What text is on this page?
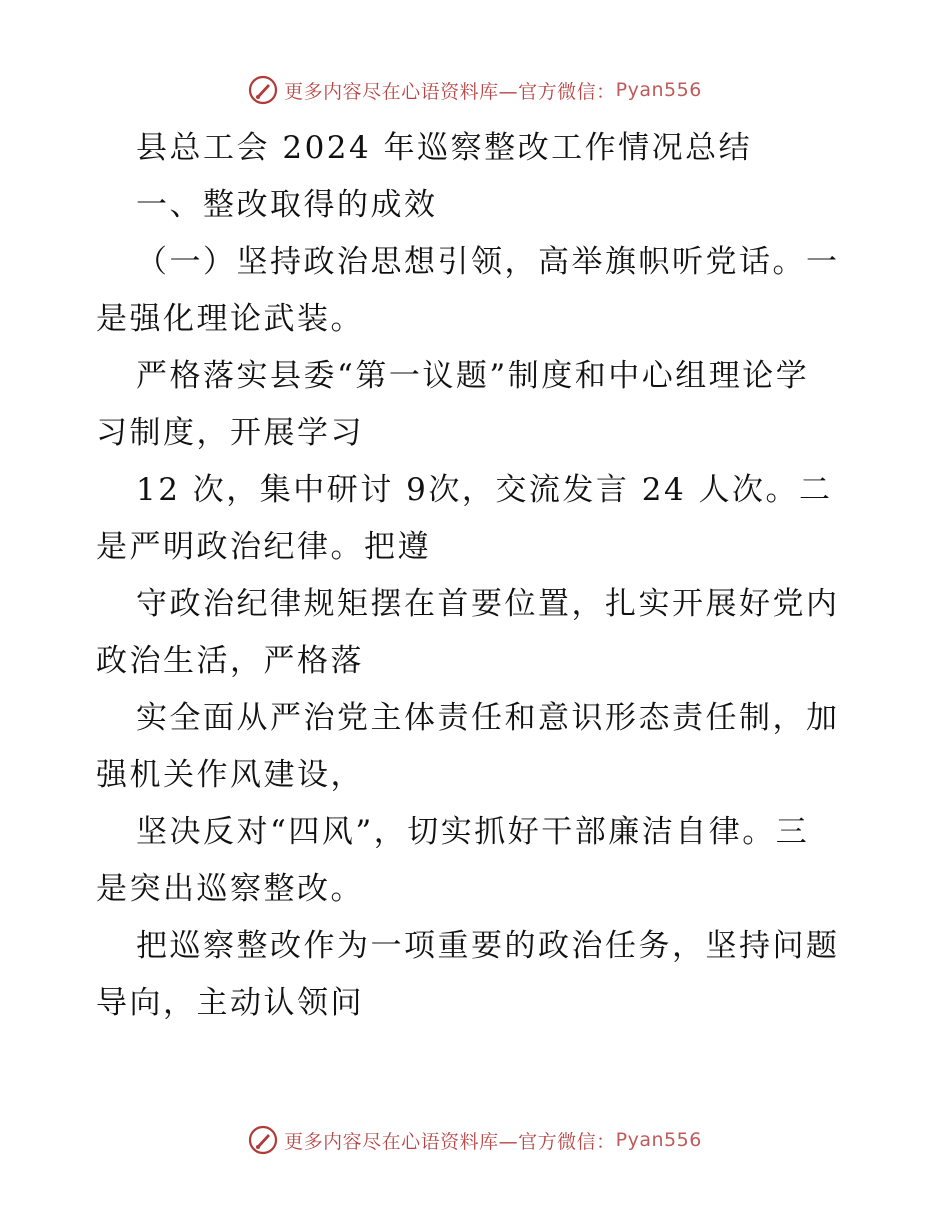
更多内容尽在心语资料库—官方微信： Pyan556
县总工会 2024 年巡察整改工作情况总结
一、整改取得的成效
（一）坚持政治思想引领，高举旗帜听党话。一
是强化理论武装。
严格落实县委“第一议题”制度和中心组理论学
习制度，开展学习
12 次，集中研讨 9次，交流发言 24 人次。二
是严明政治纪律。把遵
守政治纪律规矩摆在首要位置，扎实开展好党内
政治生活，严格落
实全面从严治党主体责任和意识形态责任制，加
强机关作风建设，
坚决反对“四风”，切实抓好干部廉洁自律。三
是突出巡察整改。
把巡察整改作为一项重要的政治任务，坚持问题
导向，主动认领问
更多内容尽在心语资料库—官方微信： Pyan556
